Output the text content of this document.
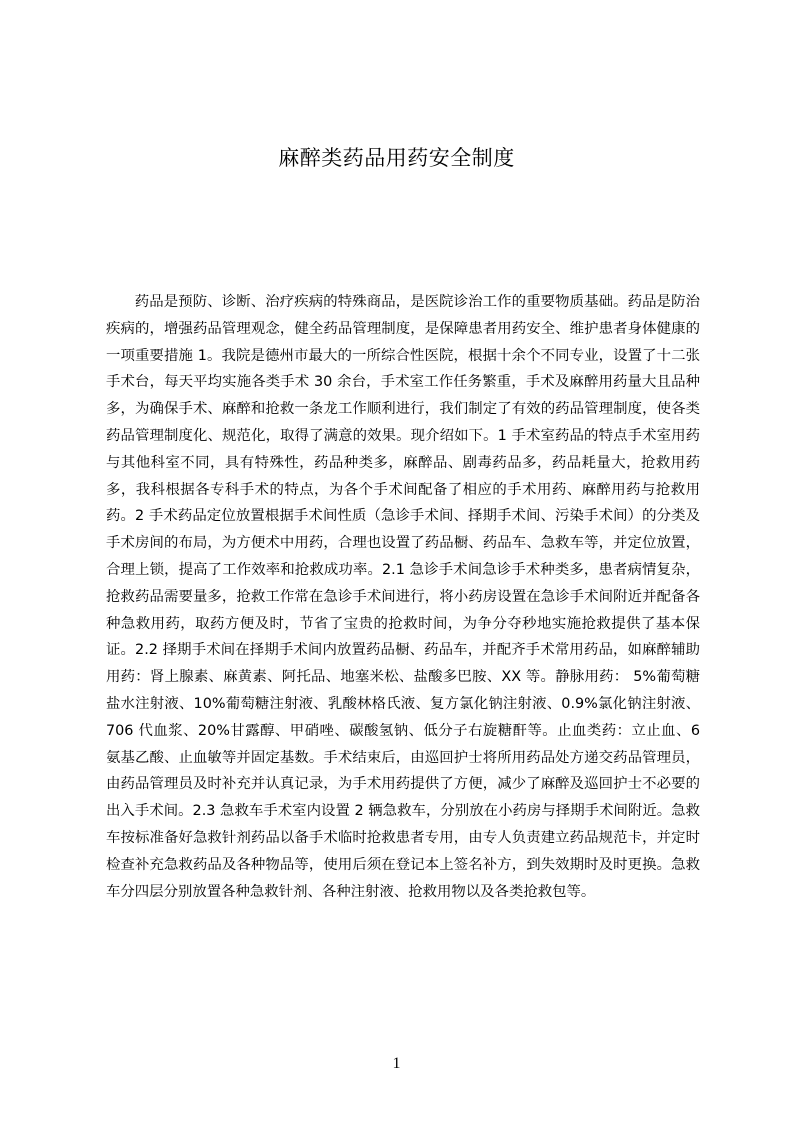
麻醉类药品用药安全制度

药品是预防、诊断、治疗疾病的特殊商品，是医院诊治工作的重要物质基础。药品是防治疾病的，增强药品管理观念，健全药品管理制度，是保障患者用药安全、维护患者身体健康的一项重要措施 1。我院是德州市最大的一所综合性医院，根据十余个不同专业，设置了十二张手术台，每天平均实施各类手术 30 余台，手术室工作任务繁重，手术及麻醉用药量大且品种多，为确保手术、麻醉和抢救一条龙工作顺利进行，我们制定了有效的药品管理制度，使各类药品管理制度化、规范化，取得了满意的效果。现介绍如下。1 手术室药品的特点手术室用药与其他科室不同，具有特殊性，药品种类多，麻醉品、剧毒药品多，药品耗量大，抢救用药多，我科根据各专科手术的特点，为各个手术间配备了相应的手术用药、麻醉用药与抢救用药。2 手术药品定位放置根据手术间性质（急诊手术间、择期手术间、污染手术间）的分类及手术房间的布局，为方便术中用药，合理也设置了药品橱、药品车、急救车等，并定位放置，合理上锁，提高了工作效率和抢救成功率。2.1 急诊手术间急诊手术种类多，患者病情复杂，抢救药品需要量多，抢救工作常在急诊手术间进行，将小药房设置在急诊手术间附近并配备各种急救用药，取药方便及时，节省了宝贵的抢救时间，为争分夺秒地实施抢救提供了基本保证。2.2 择期手术间在择期手术间内放置药品橱、药品车，并配齐手术常用药品，如麻醉辅助用药：肾上腺素、麻黄素、阿托品、地塞米松、盐酸多巴胺、XX 等。静脉用药： 5%葡萄糖盐水注射液、10%葡萄糖注射液、乳酸林格氏液、复方氯化钠注射液、0.9%氯化钠注射液、706 代血浆、20%甘露醇、甲硝唑、碳酸氢钠、低分子右旋糖酐等。止血类药：立止血、6 氨基乙酸、止血敏等并固定基数。手术结束后，由巡回护士将所用药品处方递交药品管理员，由药品管理员及时补充并认真记录，为手术用药提供了方便，减少了麻醉及巡回护士不必要的出入手术间。2.3 急救车手术室内设置 2 辆急救车，分别放在小药房与择期手术间附近。急救车按标准备好急救针剂药品以备手术临时抢救患者专用，由专人负责建立药品规范卡，并定时检查补充急救药品及各种物品等，使用后须在登记本上签名补方，到失效期时及时更换。急救车分四层分别放置各种急救针剂、各种注射液、抢救用物以及各类抢救包等。

1
